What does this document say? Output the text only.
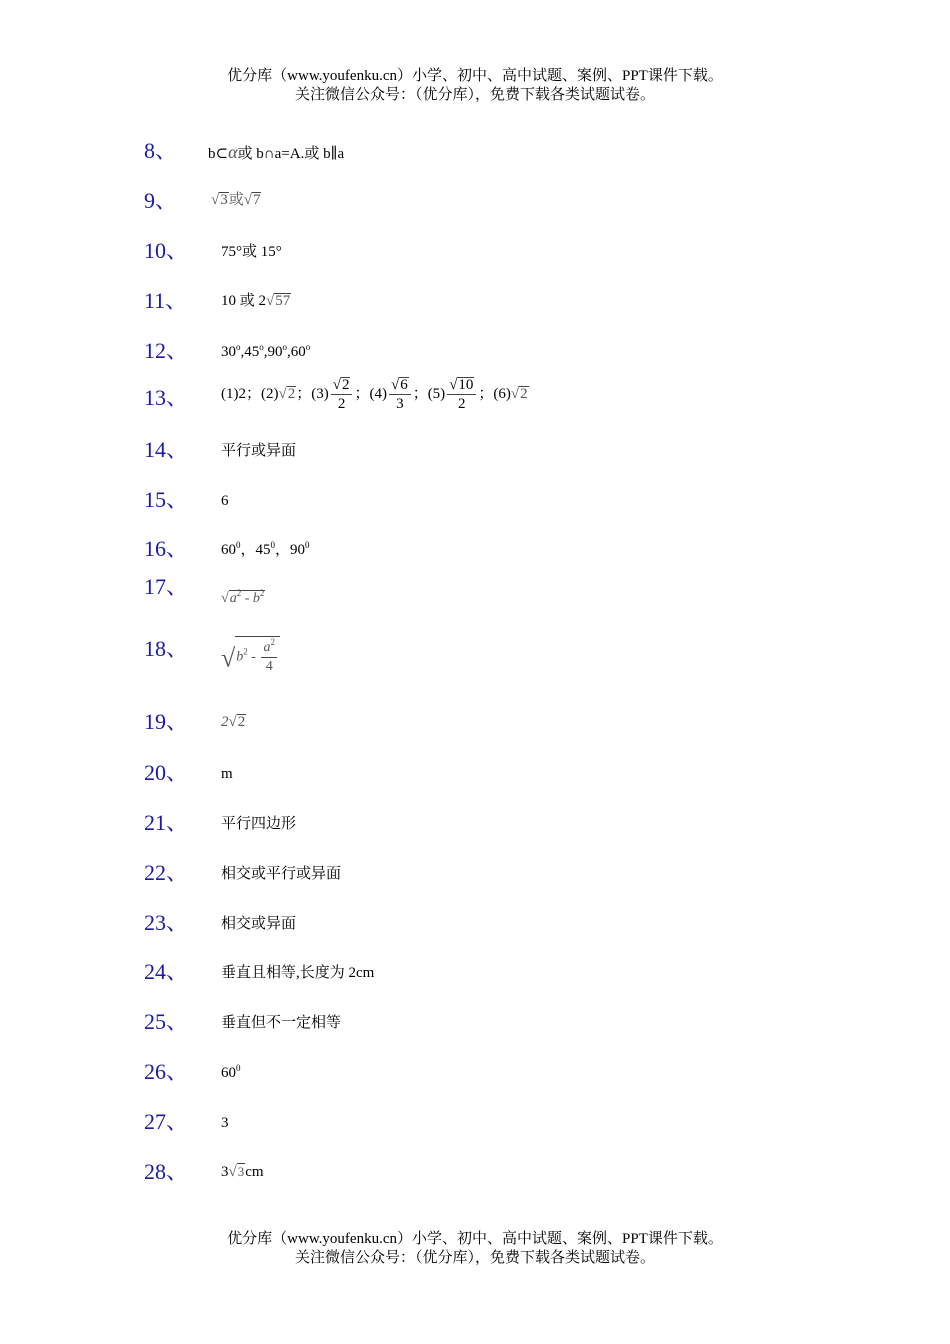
优分库（www.youfenku.cn）小学、初中、高中试题、案例、PPT课件下载。
关注微信公众号：（优分库），免费下载各类试题试卷。
8、 b⊂α或 b∩a=A.或 b∥a
9、 √3或√7
10、 75°或 15°
11、 10 或 2√57
12、 30$^o$,45$^o$,90$^o$,60$^o$
13、 (1)2；(2)√2；$(3) \frac{√2}{2}$ ；$(4) \frac{√6}{3}$ ；$(5) \frac{√10}{2}$ ；(6)√2
14、 平行或异面
15、 6
16、 $60^0$，$45^0$，$90^0$
17、 $√a^2 - b^2$
18、 $√b^2 - \frac{a^2}{4}$
19、 2√2
20、 m
21、 平行四边形
22、 相交或平行或异面
23、 相交或异面
24、 垂直且相等,长度为 2cm
25、 垂直但不一定相等
26、 $60^0$
27、 3
28、 3√3cm
优分库（www.youfenku.cn）小学、初中、高中试题、案例、PPT课件下载。
关注微信公众号：（优分库），免费下载各类试题试卷。
